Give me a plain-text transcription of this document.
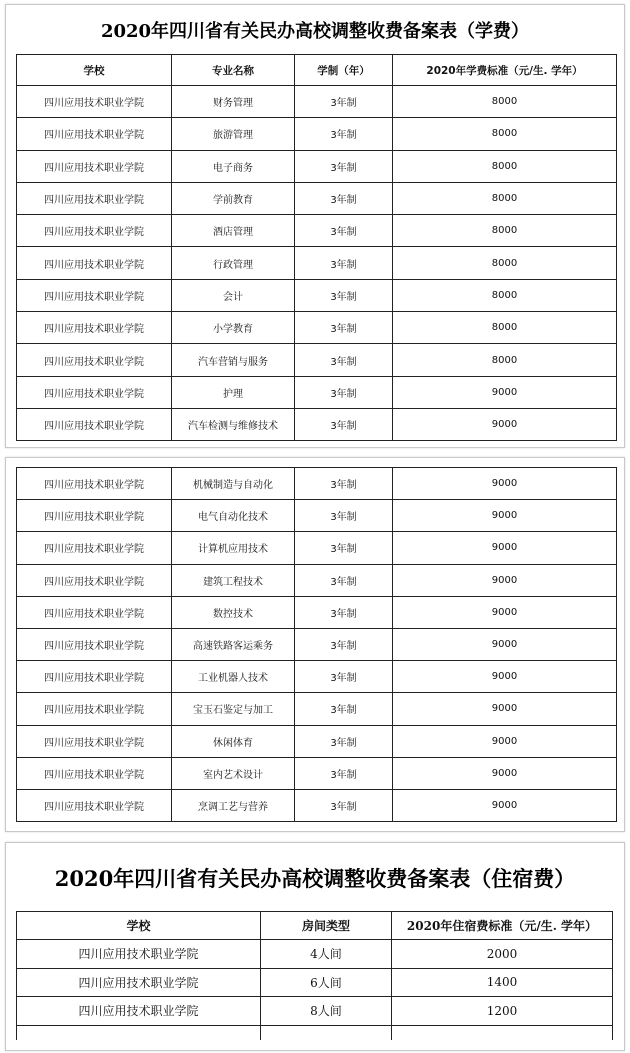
2020年四川省有关民办高校调整收费备案表（学费）
学校	专业名称	学制（年）	2020年学费标准（元/生. 学年）
四川应用技术职业学院	财务管理	3年制	8000
四川应用技术职业学院	旅游管理	3年制	8000
四川应用技术职业学院	电子商务	3年制	8000
四川应用技术职业学院	学前教育	3年制	8000
四川应用技术职业学院	酒店管理	3年制	8000
四川应用技术职业学院	行政管理	3年制	8000
四川应用技术职业学院	会计	3年制	8000
四川应用技术职业学院	小学教育	3年制	8000
四川应用技术职业学院	汽车营销与服务	3年制	8000
四川应用技术职业学院	护理	3年制	9000
四川应用技术职业学院	汽车检测与维修技术	3年制	9000
四川应用技术职业学院	机械制造与自动化	3年制	9000
四川应用技术职业学院	电气自动化技术	3年制	9000
四川应用技术职业学院	计算机应用技术	3年制	9000
四川应用技术职业学院	建筑工程技术	3年制	9000
四川应用技术职业学院	数控技术	3年制	9000
四川应用技术职业学院	高速铁路客运乘务	3年制	9000
四川应用技术职业学院	工业机器人技术	3年制	9000
四川应用技术职业学院	宝玉石鉴定与加工	3年制	9000
四川应用技术职业学院	休闲体育	3年制	9000
四川应用技术职业学院	室内艺术设计	3年制	9000
四川应用技术职业学院	烹调工艺与营养	3年制	9000
2020年四川省有关民办高校调整收费备案表（住宿费）
学校	房间类型	2020年住宿费标准（元/生. 学年）
四川应用技术职业学院	4人间	2000
四川应用技术职业学院	6人间	1400
四川应用技术职业学院	8人间	1200
